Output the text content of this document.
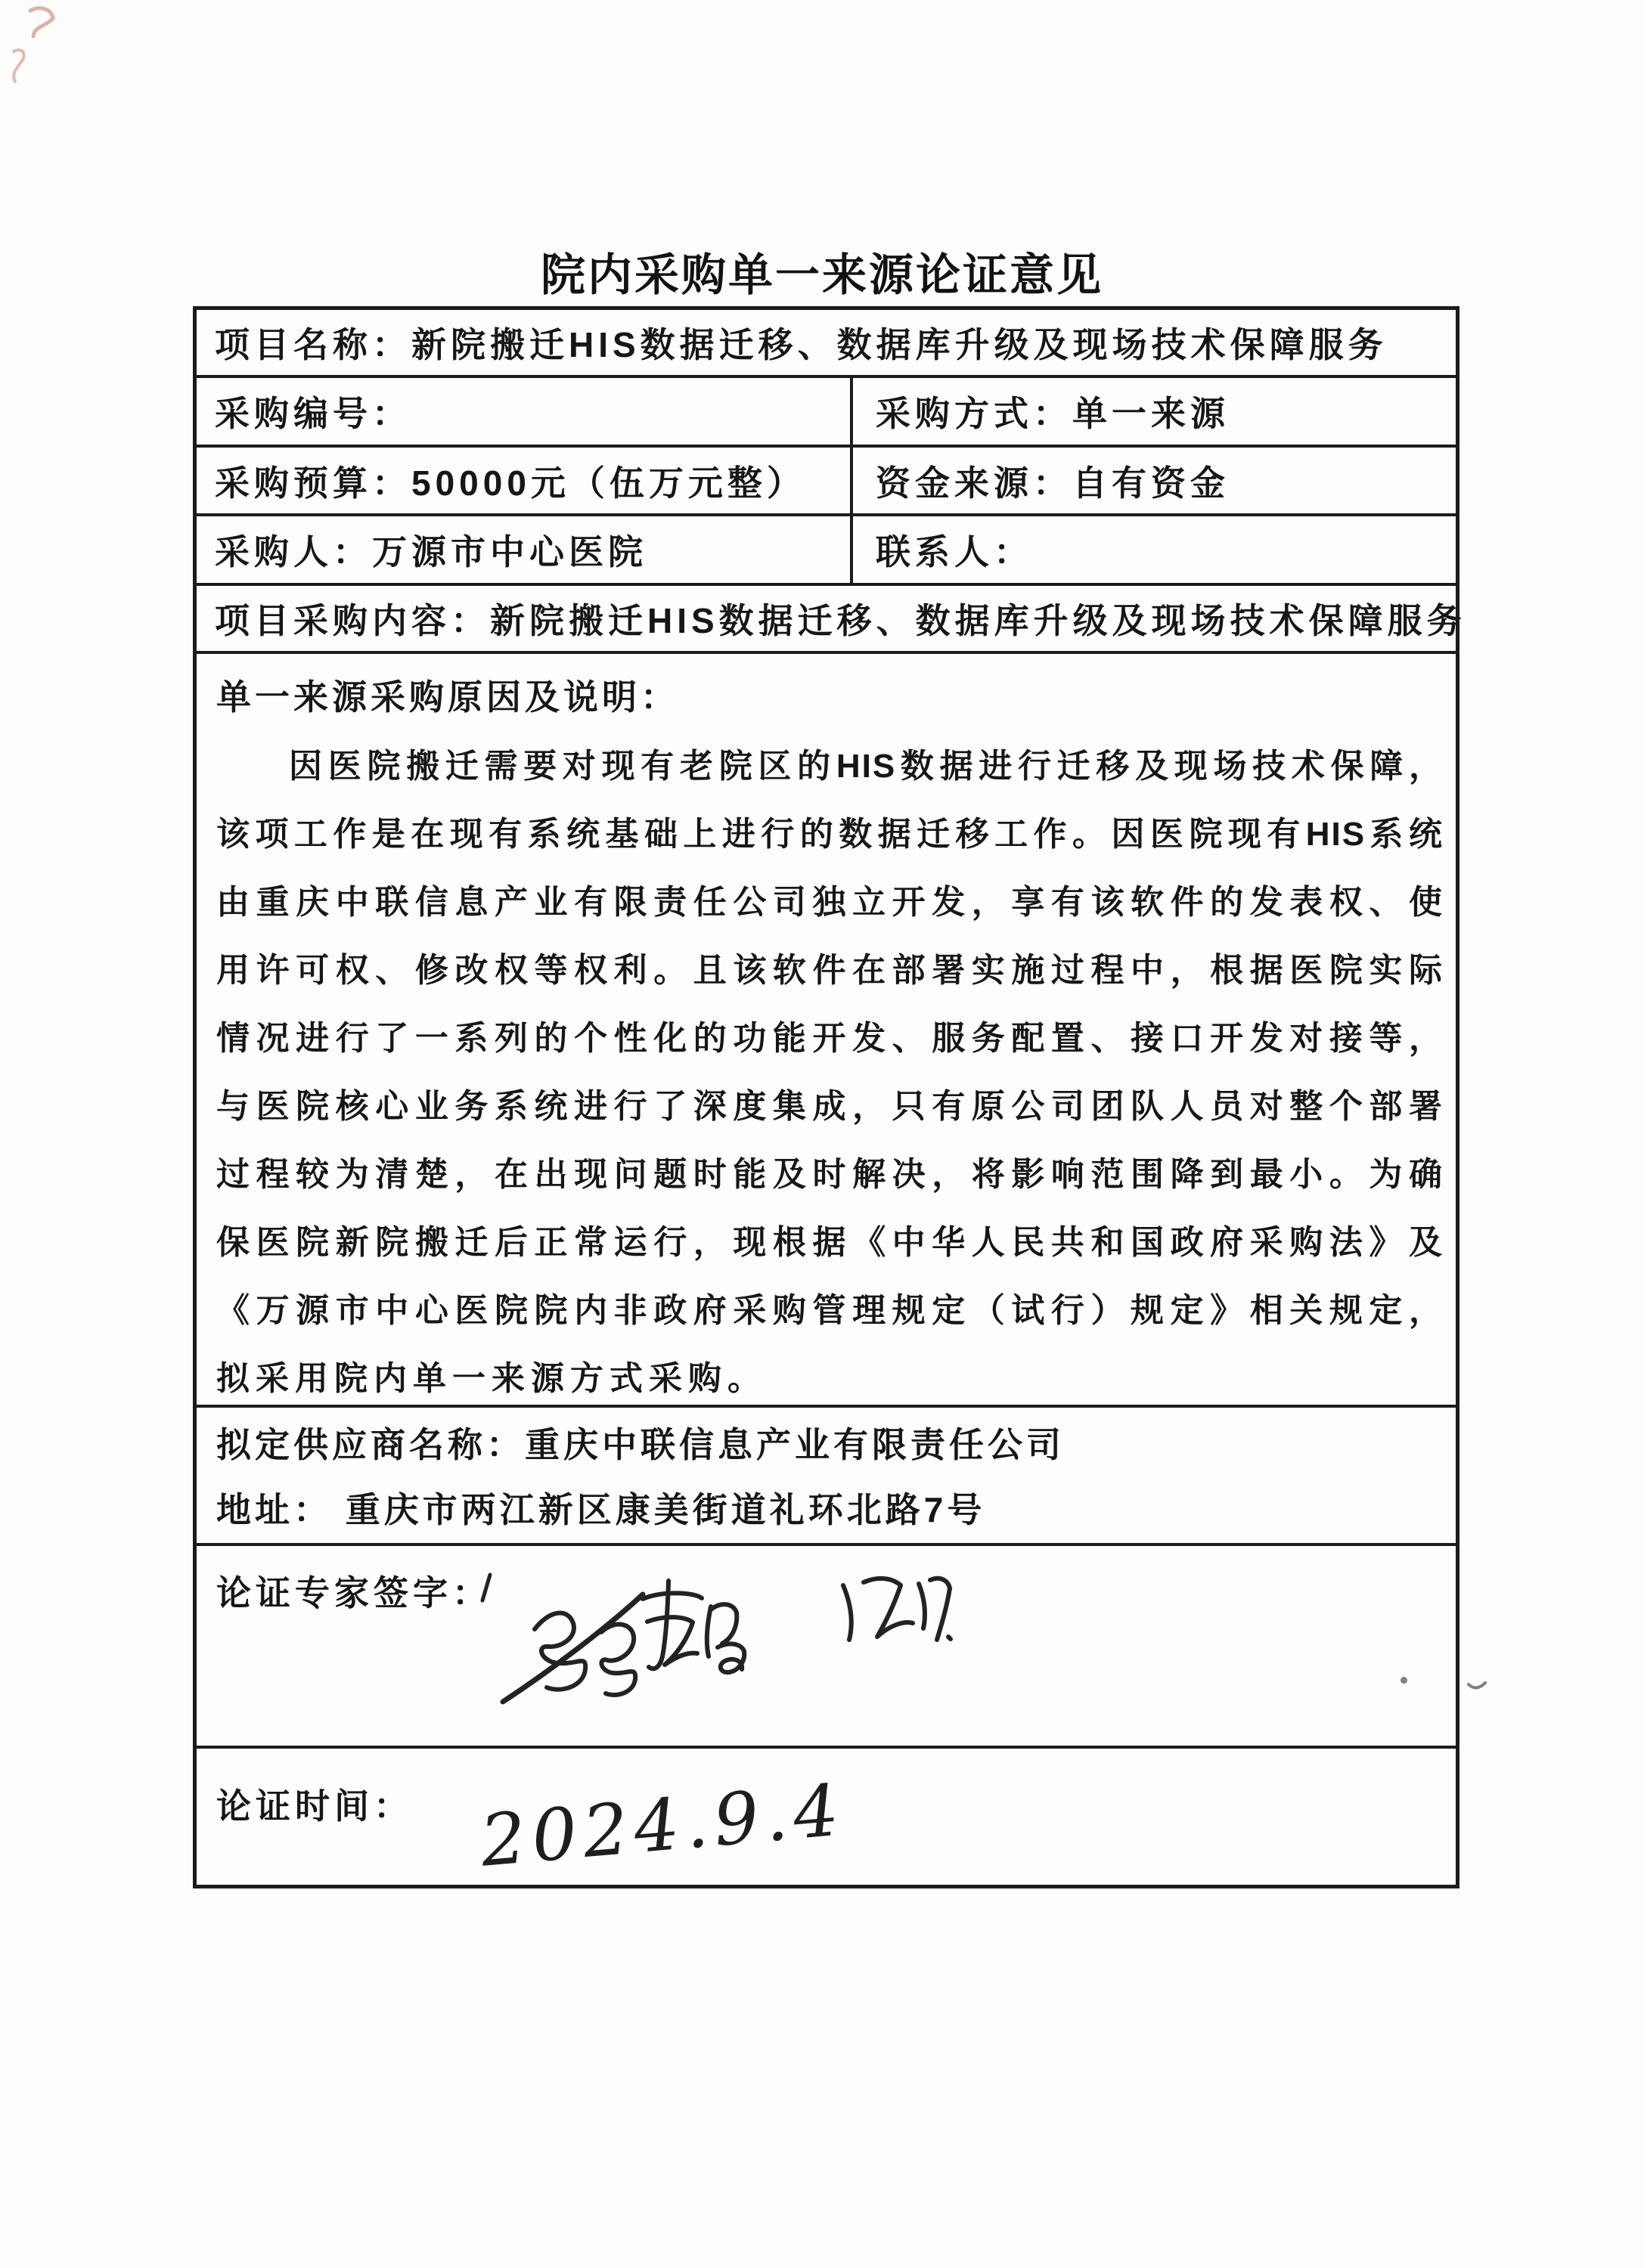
院内采购单一来源论证意见
项目名称：新院搬迁HIS数据迁移、数据库升级及现场技术保障服务
采购编号：	采购方式：单一来源
采购预算：50000元（伍万元整）	资金来源：自有资金
采购人：万源市中心医院	联系人：
项目采购内容：新院搬迁HIS数据迁移、数据库升级及现场技术保障服务
单一来源采购原因及说明：
因医院搬迁需要对现有老院区的HIS数据进行迁移及现场技术保障，
该项工作是在现有系统基础上进行的数据迁移工作。因医院现有HIS系统
由重庆中联信息产业有限责任公司独立开发，享有该软件的发表权、使
用许可权、修改权等权利。且该软件在部署实施过程中，根据医院实际
情况进行了一系列的个性化的功能开发、服务配置、接口开发对接等，
与医院核心业务系统进行了深度集成，只有原公司团队人员对整个部署
过程较为清楚，在出现问题时能及时解决，将影响范围降到最小。为确
保医院新院搬迁后正常运行，现根据《中华人民共和国政府采购法》及
《万源市中心医院院内非政府采购管理规定（试行）规定》相关规定，
拟采用院内单一来源方式采购。
拟定供应商名称：重庆中联信息产业有限责任公司
地址： 重庆市两江新区康美街道礼环北路7号
论证专家签字：
论证时间： 2024.9.4
